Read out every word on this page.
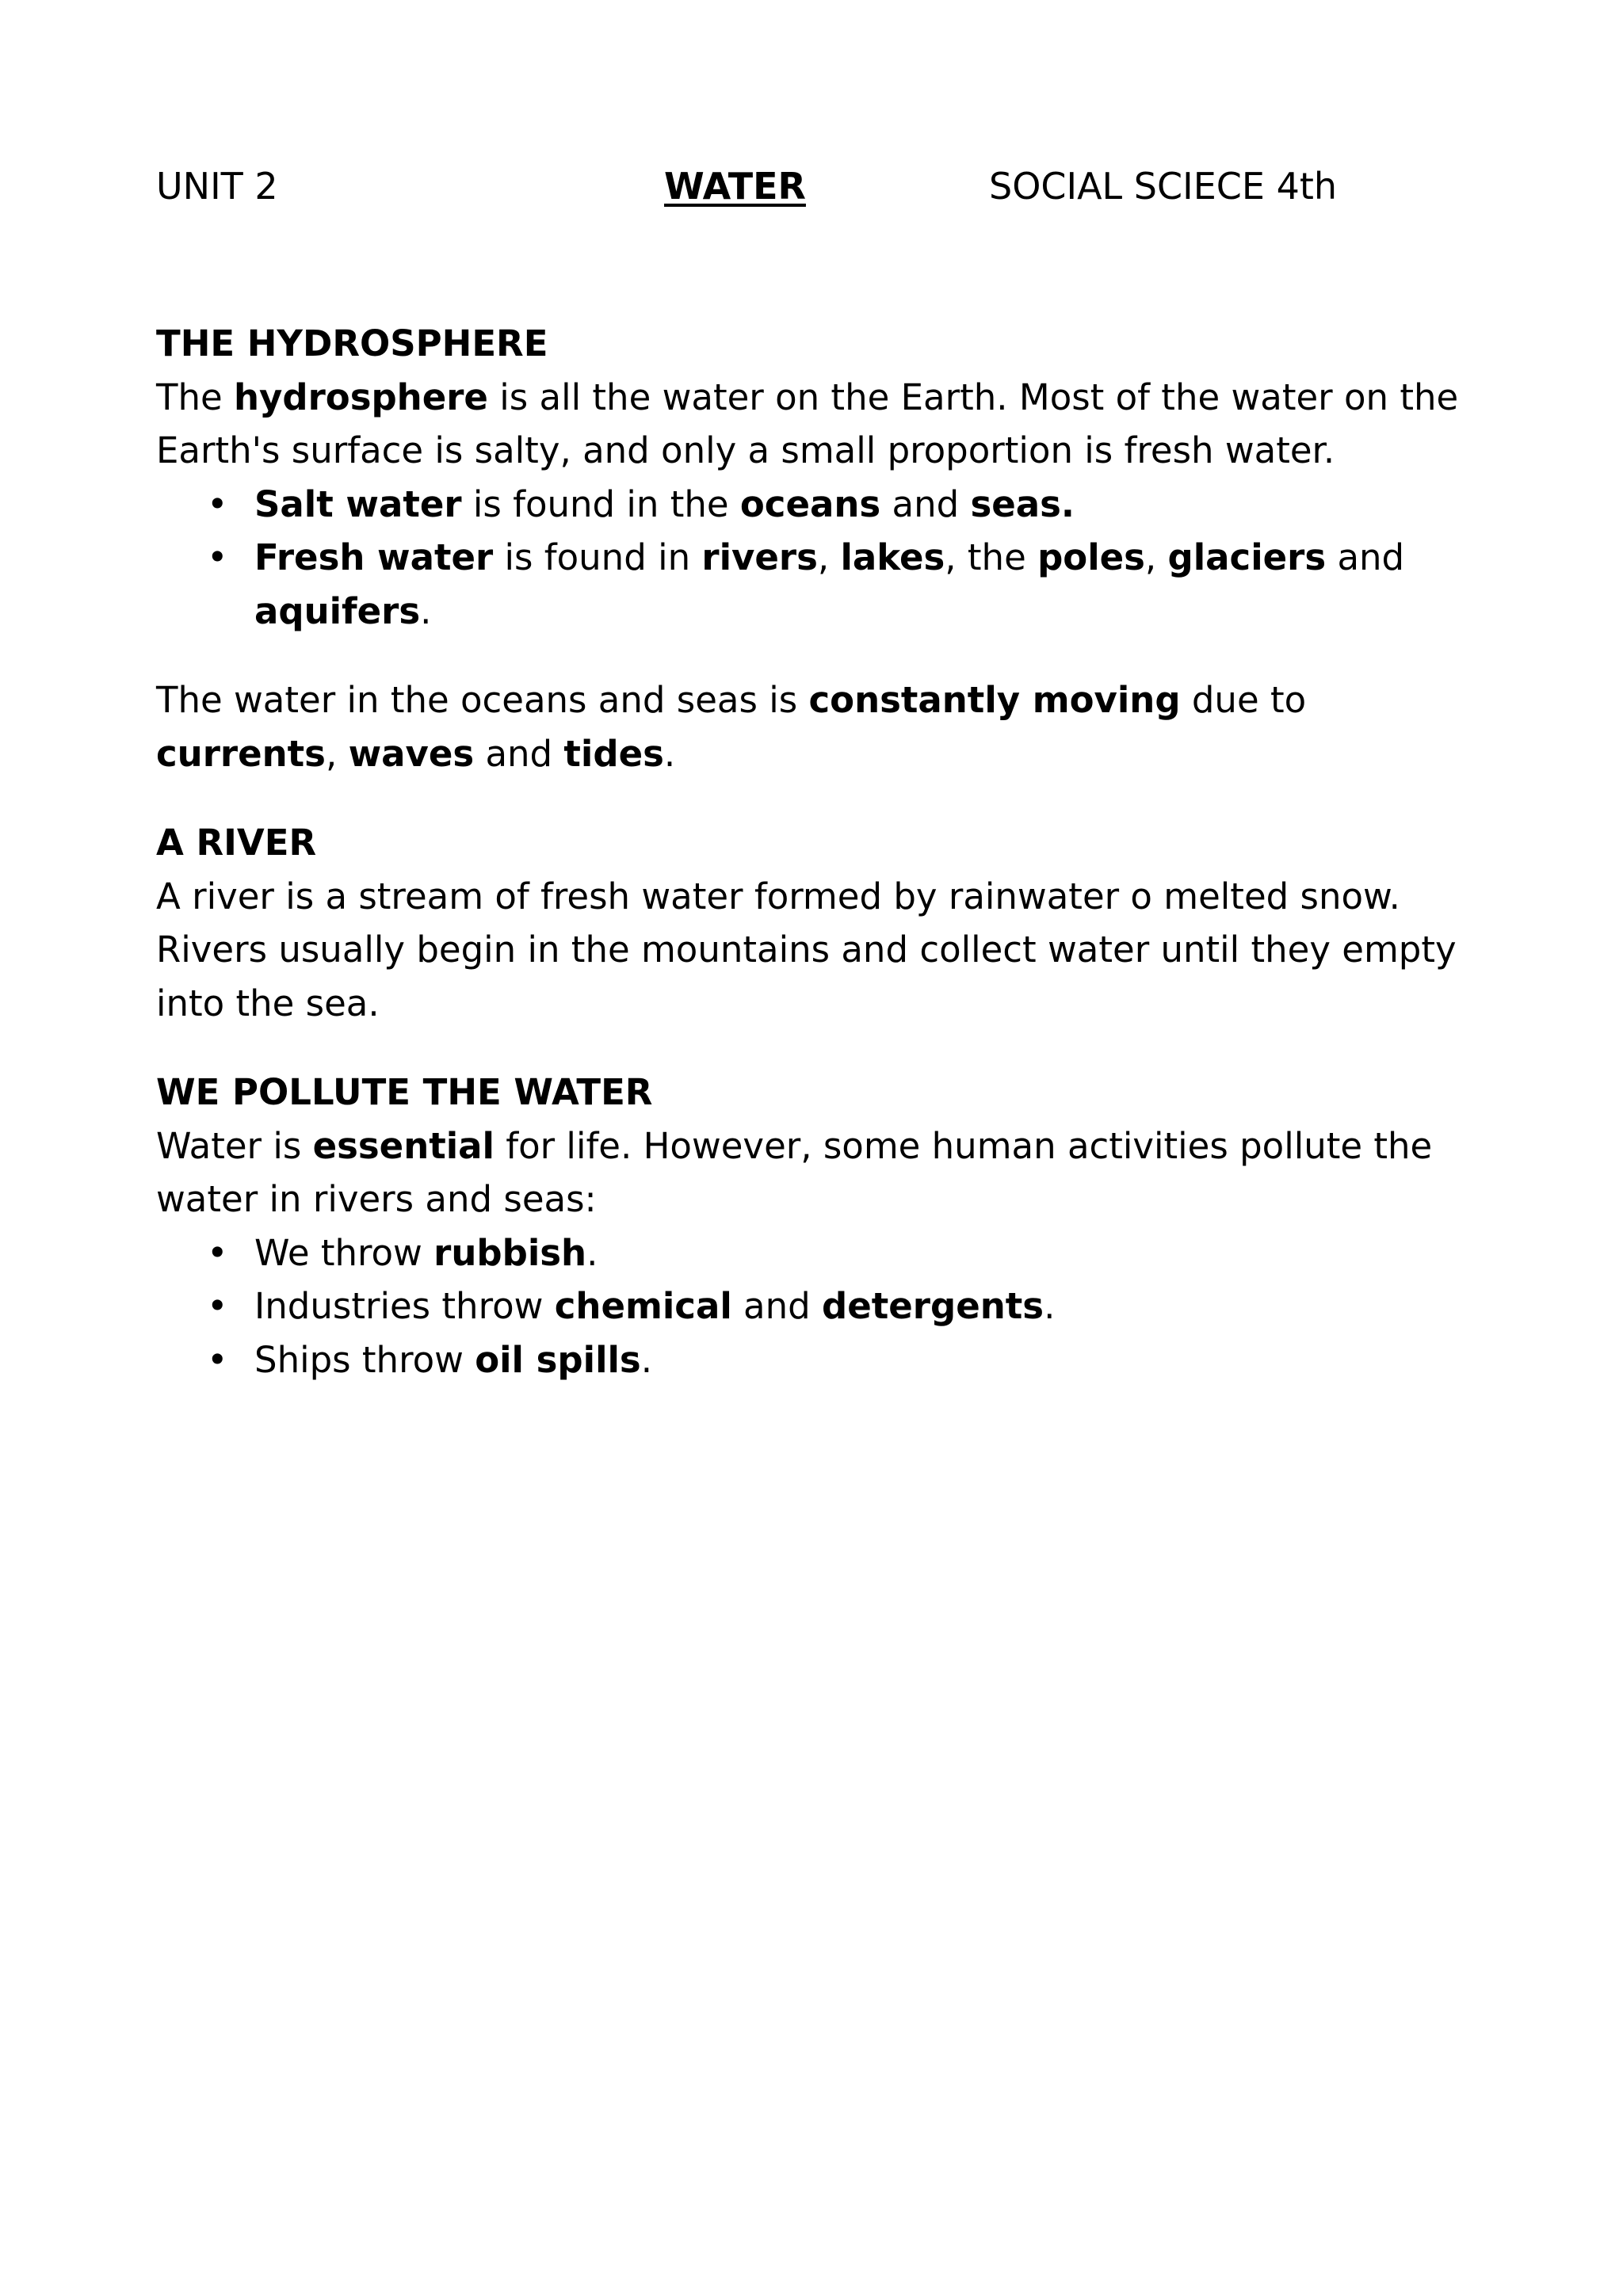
UNIT 2	WATER	SOCIAL SCIECE 4th
THE HYDROSPHERE

The hydrosphere is all the water on the Earth. Most of the water on the Earth's surface is salty, and only a small proportion is fresh water.

• Salt water is found in the oceans and seas.
• Fresh water is found in rivers, lakes, the poles, glaciers and aquifers.

The water in the oceans and seas is constantly moving due to currents, waves and tides.

A RIVER

A river is a stream of fresh water formed by rainwater o melted snow. Rivers usually begin in the mountains and collect water until they empty into the sea.

WE POLLUTE THE WATER

Water is essential for life. However, some human activities pollute the water in rivers and seas:

• We throw rubbish.
• Industries throw chemical and detergents.
• Ships throw oil spills.
